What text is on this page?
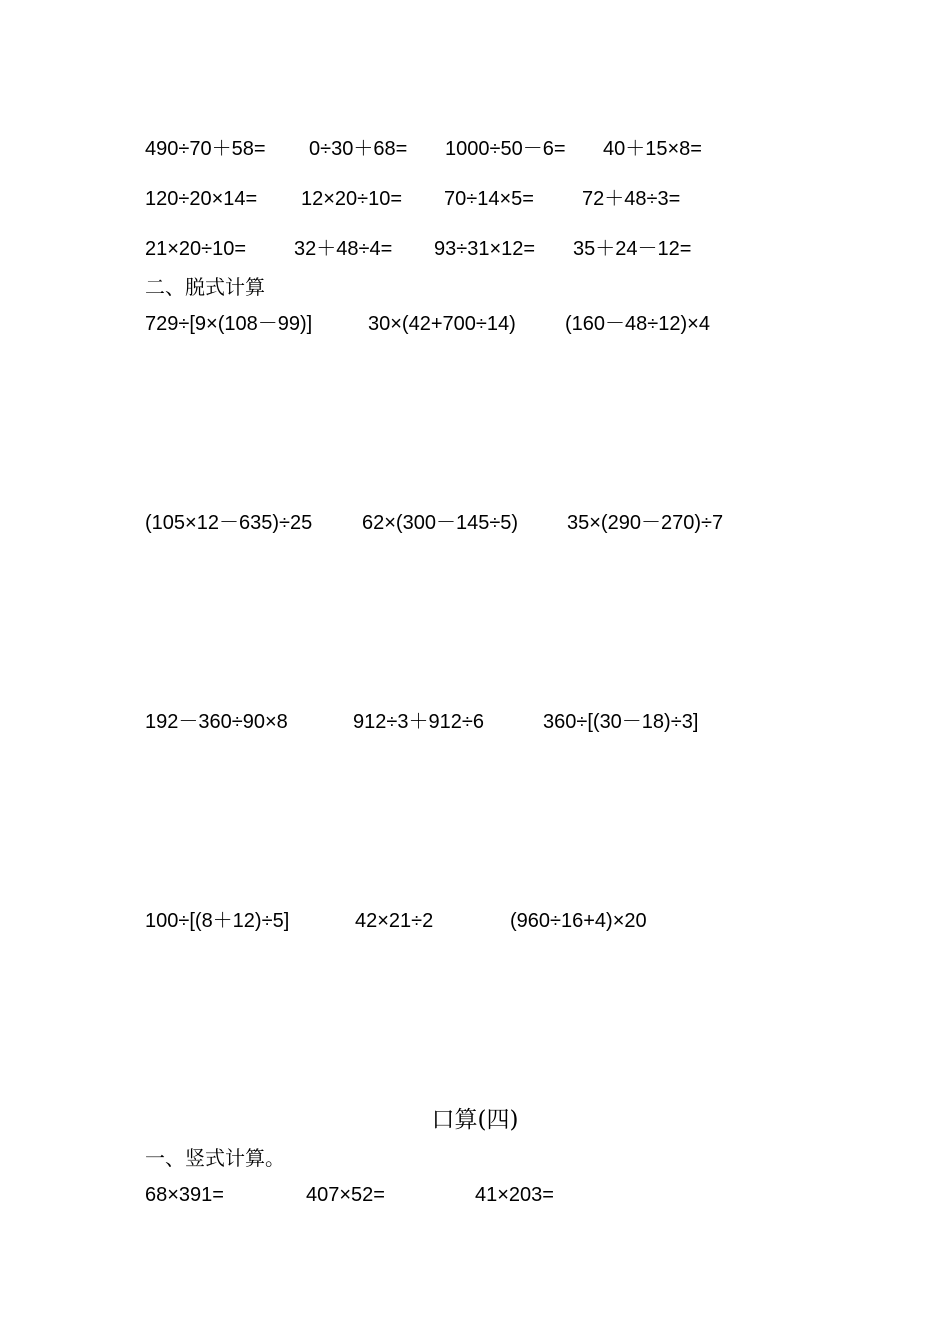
490÷70＋58= 0÷30＋68= 1000÷50－6= 40＋15×8=
120÷20×14= 12×20÷10= 70÷14×5= 72＋48÷3=
21×20÷10= 32＋48÷4= 93÷31×12= 35＋24－12=
二、脱式计算
729÷[9×(108－99)]	30×(42+700÷14) (160－48÷12)×4
(105×12－635)÷25 62×(300－145÷5) 35×(290－270)÷7
192－360÷90×8	912÷3＋912÷6	360÷[(30－18)÷3]
100÷[(8＋12)÷5]	42×21÷2	(960÷16+4)×20
口算(四)
一、竖式计算。
68×391=	407×52=	41×203=
